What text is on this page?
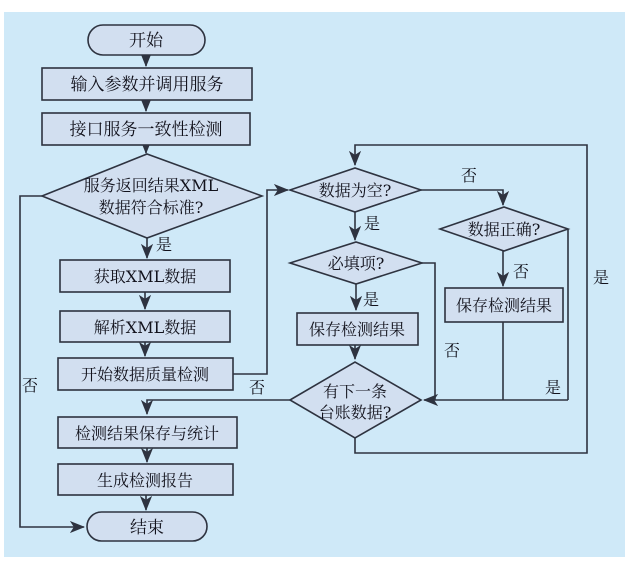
开始
输入参数并调用服务
接口服务一致性检测
服务返回结果XML
数据符合标准?
获取XML数据
解析XML数据
开始数据质量检测
数据为空?
必填项?
数据正确?
保存检测结果
保存检测结果
有下一条
台账数据?
检测结果保存与统计
生成检测报告
结束
是
否
是
否
是
否
否
是
否
是
